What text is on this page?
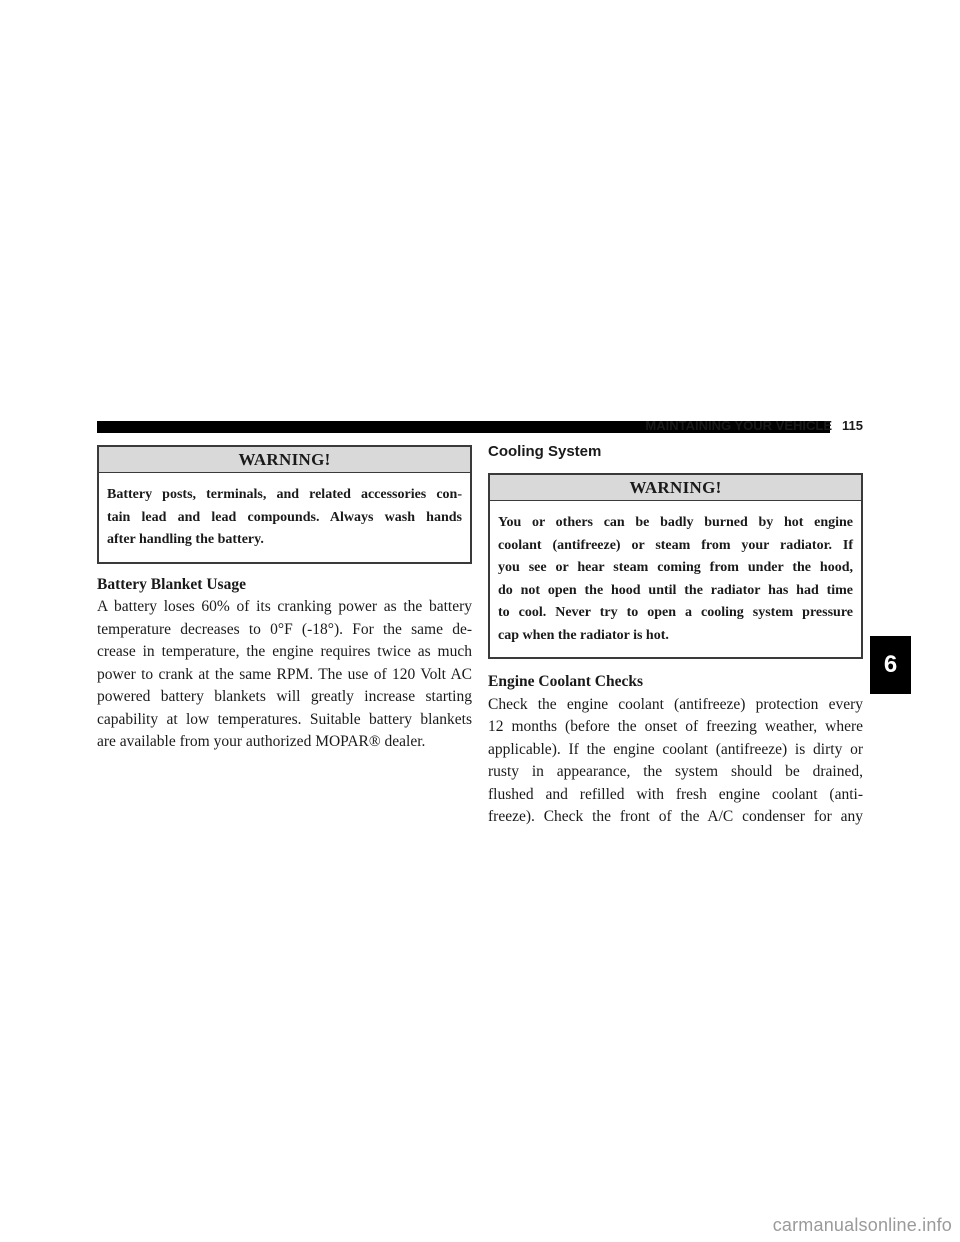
MAINTAINING YOUR VEHICLE 115
WARNING!
Battery posts, terminals, and related accessories con-
tain lead and lead compounds. Always wash hands
after handling the battery.
Battery Blanket Usage
A battery loses 60% of its cranking power as the battery
temperature decreases to 0°F (-18°). For the same de-
crease in temperature, the engine requires twice as much
power to crank at the same RPM. The use of 120 Volt AC
powered battery blankets will greatly increase starting
capability at low temperatures. Suitable battery blankets
are available from your authorized MOPAR® dealer.
Cooling System
WARNING!
You or others can be badly burned by hot engine
coolant (antifreeze) or steam from your radiator. If
you see or hear steam coming from under the hood,
do not open the hood until the radiator has had time
to cool. Never try to open a cooling system pressure
cap when the radiator is hot.
Engine Coolant Checks
Check the engine coolant (antifreeze) protection every
12 months (before the onset of freezing weather, where
applicable). If the engine coolant (antifreeze) is dirty or
rusty in appearance, the system should be drained,
flushed and refilled with fresh engine coolant (anti-
freeze). Check the front of the A/C condenser for any
6
carmanualsonline.info
